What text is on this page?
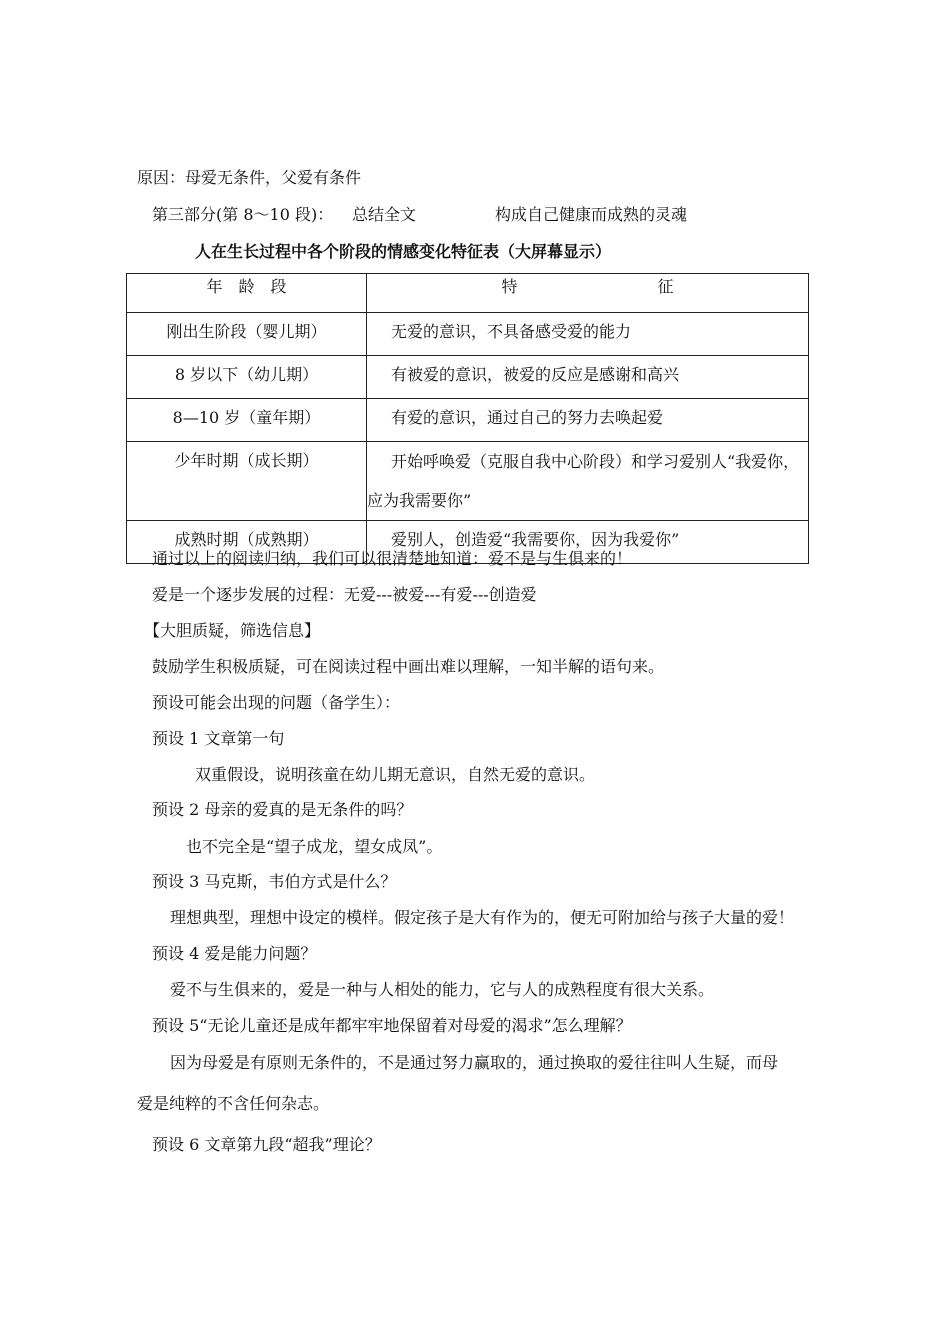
原因：母爱无条件，父爱有条件
第三部分(第 8～10 段)： 总结全文	构成自己健康而成熟的灵魂
人在生长过程中各个阶段的情感变化特征表（大屏幕显示）
年　龄　段	特 征
刚出生阶段（婴儿期）	无爱的意识，不具备感受爱的能力
8 岁以下（幼儿期）	有被爱的意识，被爱的反应是感谢和高兴
8—10 岁（童年期）	有爱的意识，通过自己的努力去唤起爱
少年时期（成长期）	开始呼唤爱（克服自我中心阶段）和学习爱别人“我爱你，应为我需要你”
成熟时期（成熟期）	爱别人，创造爱“我需要你，因为我爱你”
通过以上的阅读归纳，我们可以很清楚地知道：爱不是与生俱来的！
爱是一个逐步发展的过程：无爱---被爱---有爱---创造爱
【大胆质疑，筛选信息】
鼓励学生积极质疑，可在阅读过程中画出难以理解，一知半解的语句来。
预设可能会出现的问题（备学生）：
预设 1 文章第一句
双重假设，说明孩童在幼儿期无意识，自然无爱的意识。
预设 2 母亲的爱真的是无条件的吗？
也不完全是“望子成龙，望女成凤”。
预设 3 马克斯，韦伯方式是什么？
理想典型，理想中设定的模样。假定孩子是大有作为的，便无可附加给与孩子大量的爱！
预设 4 爱是能力问题？
爱不与生俱来的，爱是一种与人相处的能力，它与人的成熟程度有很大关系。
预设 5“无论儿童还是成年都牢牢地保留着对母爱的渴求”怎么理解？
因为母爱是有原则无条件的，不是通过努力赢取的，通过换取的爱往往叫人生疑，而母
爱是纯粹的不含任何杂志。
预设 6 文章第九段“超我”理论？
